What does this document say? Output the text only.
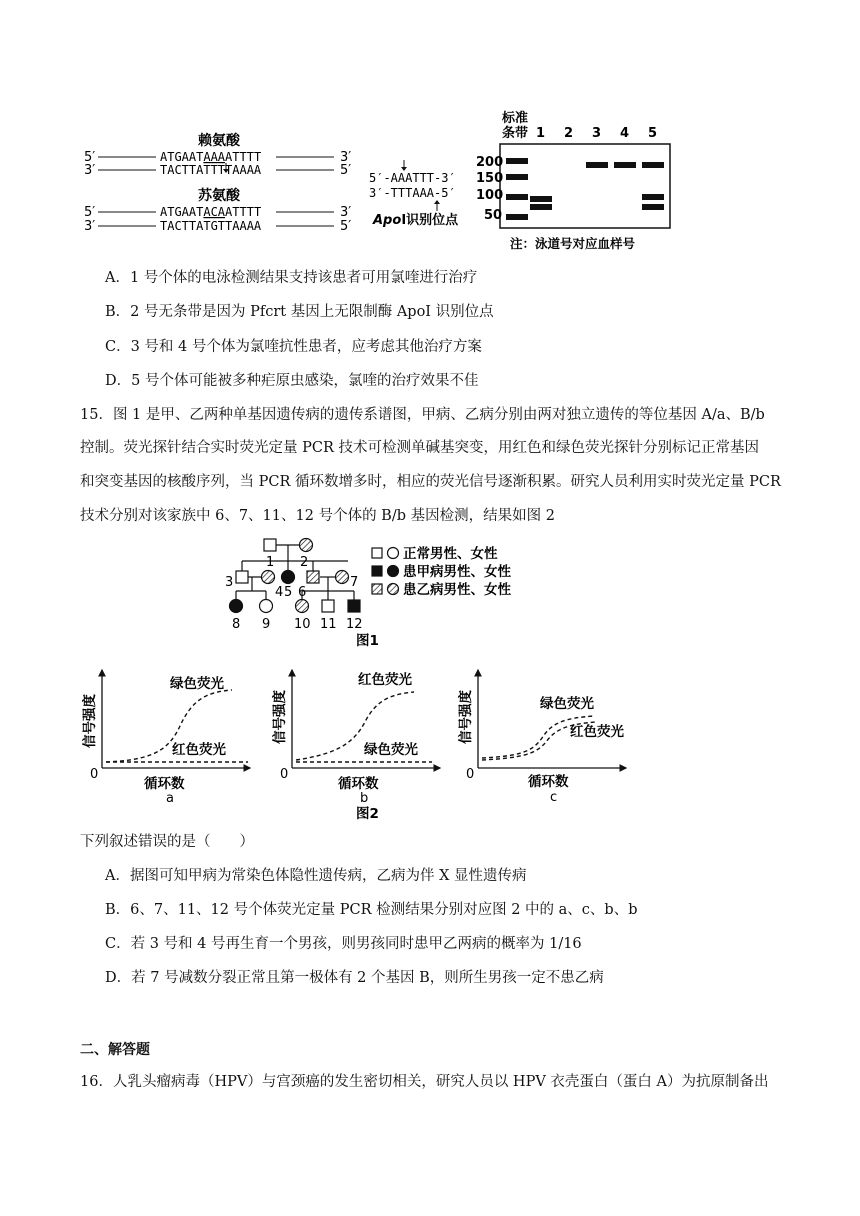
赖氨酸
5′	ATGAATAAAATTTT	3′
3′	TACTTATTTTAAAA	5′
苏氨酸
5′	ATGAATACAATTTT	3′
3′	TACTTATGTTAAAA	5′
5′-AAATTT-3′
3′-TTTAAA-5′
ApoI识别位点
标准
条带 1 2 3 4 5
200
150
100
50
注：泳道号对应血样号
A．1 号个体的电泳检测结果支持该患者可用氯喹进行治疗
B．2 号无条带是因为 Pfcrt 基因上无限制酶 ApoI 识别位点
C．3 号和 4 号个体为氯喹抗性患者，应考虑其他治疗方案
D．5 号个体可能被多种疟原虫感染，氯喹的治疗效果不佳
15．图 1 是甲、乙两种单基因遗传病的遗传系谱图，甲病、乙病分别由两对独立遗传的等位基因 A/a、B/b
控制。荧光探针结合实时荧光定量 PCR 技术可检测单碱基突变，用红色和绿色荧光探针分别标记正常基因
和突变基因的核酸序列，当 PCR 循环数增多时，相应的荧光信号逐渐积累。研究人员利用实时荧光定量 PCR
技术分别对该家族中 6、7、11、12 号个体的 B/b 基因检测，结果如图 2
1 2
3
4 5 6
7
8 9 10 11 12
正常男性、女性
患甲病男性、女性
患乙病男性、女性
图1
信号强度
0
循环数
a
绿色荧光
红色荧光
信号强度
0
循环数
b
红色荧光
绿色荧光
信号强度
0	循环数
c
绿色荧光
红色荧光
图2
下列叙述错误的是（　　）
A．据图可知甲病为常染色体隐性遗传病，乙病为伴 X 显性遗传病
B．6、7、11、12 号个体荧光定量 PCR 检测结果分别对应图 2 中的 a、c、b、b
C．若 3 号和 4 号再生育一个男孩，则男孩同时患甲乙两病的概率为 1/16
D．若 7 号减数分裂正常且第一极体有 2 个基因 B，则所生男孩一定不患乙病
二、解答题
16．人乳头瘤病毒（HPV）与宫颈癌的发生密切相关，研究人员以 HPV 衣壳蛋白（蛋白 A）为抗原制备出
